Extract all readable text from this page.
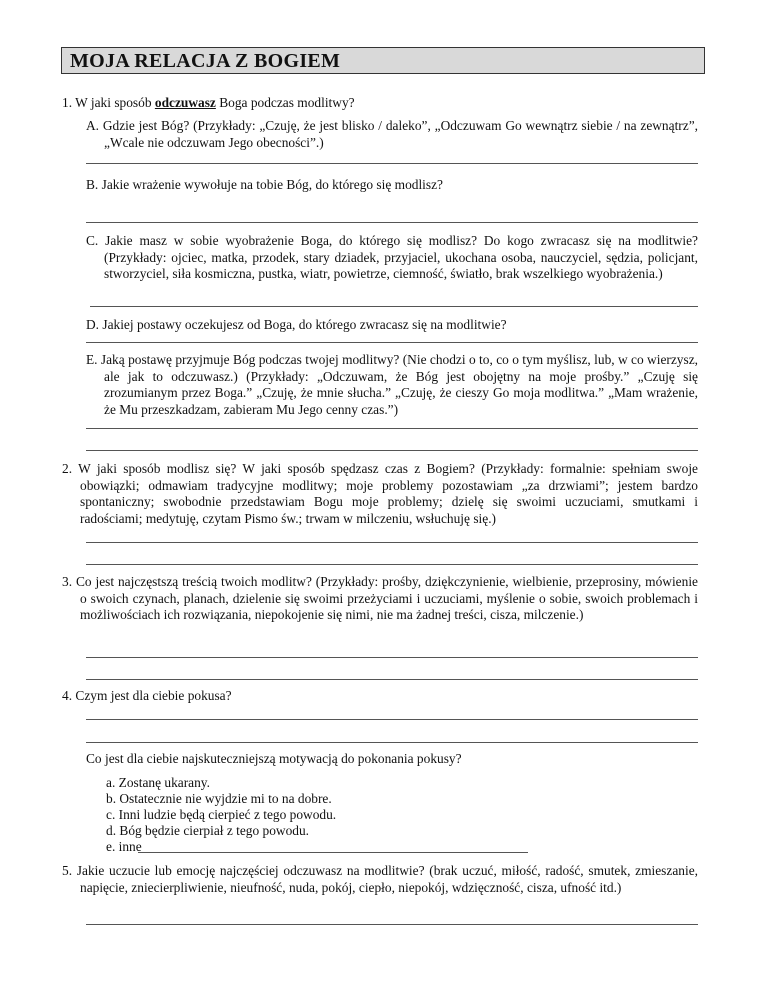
MOJA RELACJA Z BOGIEM
1. W jaki sposób odczuwasz Boga podczas modlitwy?
A. Gdzie jest Bóg? (Przykłady: „Czuję, że jest blisko / daleko”, „Odczuwam Go wewnątrz siebie / na zewnątrz”, „Wcale nie odczuwam Jego obecności”.)
B. Jakie wrażenie wywołuje na tobie Bóg, do którego się modlisz?
C. Jakie masz w sobie wyobrażenie Boga, do którego się modlisz? Do kogo zwracasz się na modlitwie? (Przykłady: ojciec, matka, przodek, stary dziadek, przyjaciel, ukochana osoba, nauczyciel, sędzia, policjant, stworzyciel, siła kosmiczna, pustka, wiatr, powietrze, ciemność, światło, brak wszelkiego wyobrażenia.)
D. Jakiej postawy oczekujesz od Boga, do którego zwracasz się na modlitwie?
E. Jaką postawę przyjmuje Bóg podczas twojej modlitwy? (Nie chodzi o to, co o tym myślisz, lub, w co wierzysz, ale jak to odczuwasz.) (Przykłady: „Odczuwam, że Bóg jest obojętny na moje prośby.” „Czuję się zrozumianym przez Boga.” „Czuję, że mnie słucha.” „Czuję, że cieszy Go moja modlitwa.” „Mam wrażenie, że Mu przeszkadzam, zabieram Mu Jego cenny czas.”)
2. W jaki sposób modlisz się? W jaki sposób spędzasz czas z Bogiem? (Przykłady: formalnie: spełniam swoje obowiązki; odmawiam tradycyjne modlitwy; moje problemy pozostawiam „za drzwiami”; jestem bardzo spontaniczny; swobodnie przedstawiam Bogu moje problemy; dzielę się swoimi uczuciami, smutkami i radościami; medytuję, czytam Pismo św.; trwam w milczeniu, wsłuchuję się.)
3. Co jest najczęstszą treścią twoich modlitw? (Przykłady: prośby, dziękczynienie, wielbienie, przeprosiny, mówienie o swoich czynach, planach, dzielenie się swoimi przeżyciami i uczuciami, myślenie o sobie, swoich problemach i możliwościach ich rozwiązania, niepokojenie się nimi, nie ma żadnej treści, cisza, milczenie.)
4. Czym jest dla ciebie pokusa?
Co jest dla ciebie najskuteczniejszą motywacją do pokonania pokusy?
a. Zostanę ukarany.
b. Ostatecznie nie wyjdzie mi to na dobre.
c. Inni ludzie będą cierpieć z tego powodu.
d. Bóg będzie cierpiał z tego powodu.
e. inne
5. Jakie uczucie lub emocję najczęściej odczuwasz na modlitwie? (brak uczuć, miłość, radość, smutek, zmieszanie, napięcie, zniecierpliwienie, nieufność, nuda, pokój, ciepło, niepokój, wdzięczność, cisza, ufność itd.)
